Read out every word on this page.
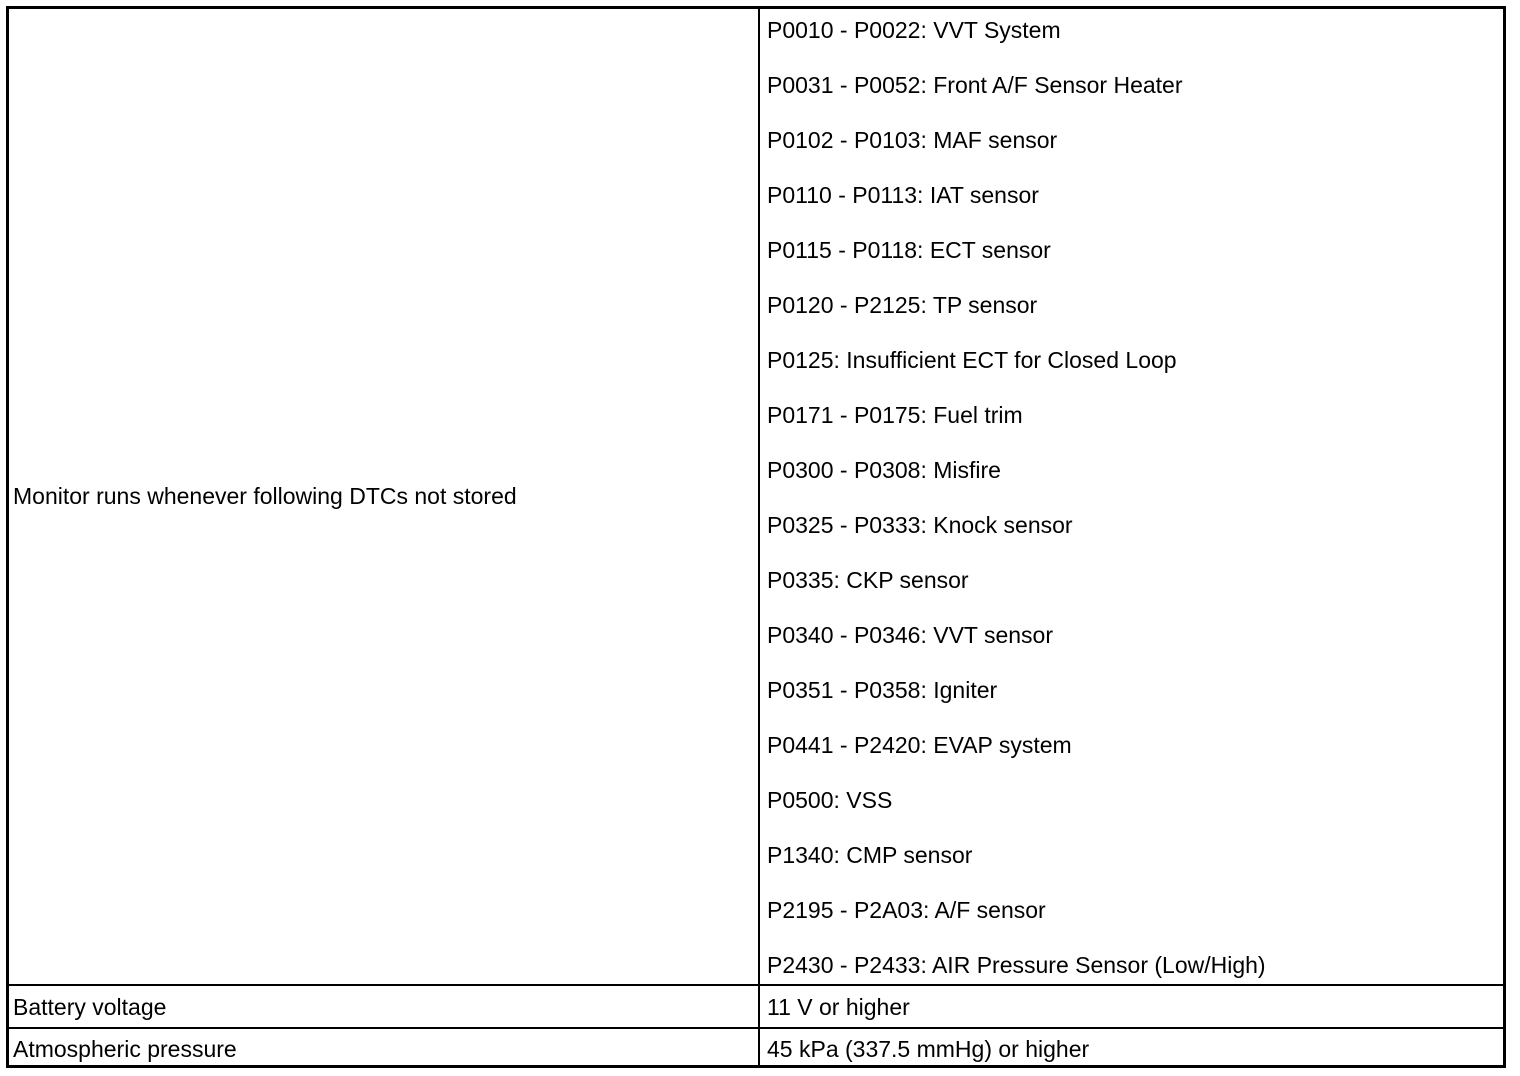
Monitor runs whenever following DTCs not stored
P0010 - P0022: VVT System
P0031 - P0052: Front A/F Sensor Heater
P0102 - P0103: MAF sensor
P0110 - P0113: IAT sensor
P0115 - P0118: ECT sensor
P0120 - P2125: TP sensor
P0125: Insufficient ECT for Closed Loop
P0171 - P0175: Fuel trim
P0300 - P0308: Misfire
P0325 - P0333: Knock sensor
P0335: CKP sensor
P0340 - P0346: VVT sensor
P0351 - P0358: Igniter
P0441 - P2420: EVAP system
P0500: VSS
P1340: CMP sensor
P2195 - P2A03: A/F sensor
P2430 - P2433: AIR Pressure Sensor (Low/High)
Battery voltage	11 V or higher
Atmospheric pressure	45 kPa (337.5 mmHg) or higher
